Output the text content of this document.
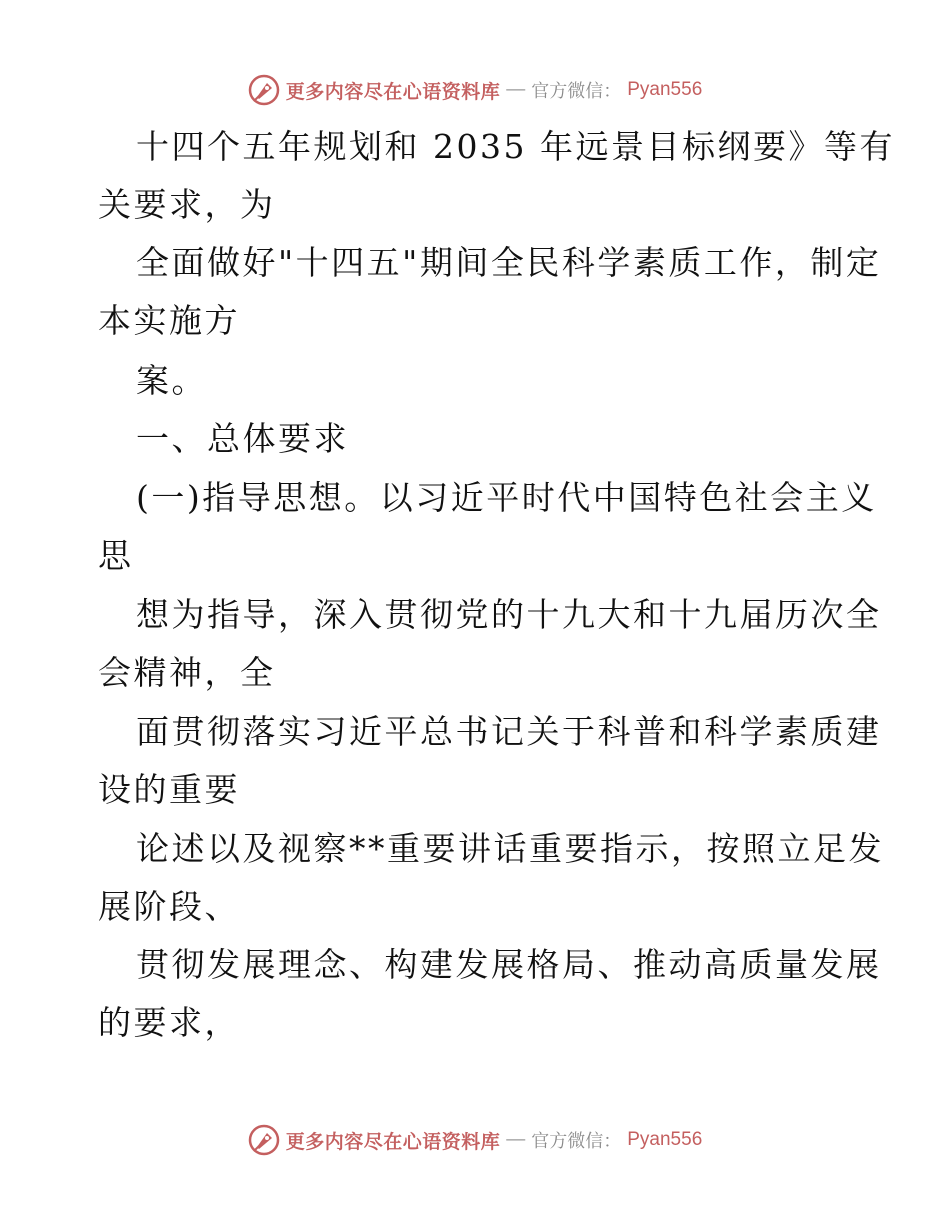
更多内容尽在心语资料库 — 官方微信： Pyan556
十四个五年规划和 2035 年远景目标纲要》等有
关要求，为
全面做好"十四五"期间全民科学素质工作，制定
本实施方
案。
一、总体要求
(一)指导思想。以习近平时代中国特色社会主义
思
想为指导，深入贯彻党的十九大和十九届历次全
会精神，全
面贯彻落实习近平总书记关于科普和科学素质建
设的重要
论述以及视察**重要讲话重要指示，按照立足发
展阶段、
贯彻发展理念、构建发展格局、推动高质量发展
的要求，
更多内容尽在心语资料库 — 官方微信： Pyan556
